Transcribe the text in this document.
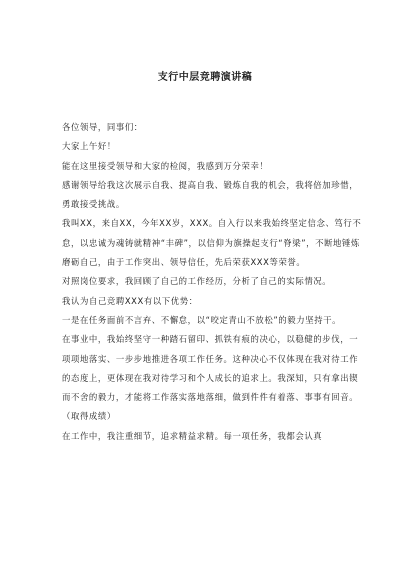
支行中层竞聘演讲稿

各位领导，同事们：

大家上午好！

能在这里接受领导和大家的检阅，我感到万分荣幸！

感谢领导给我这次展示自我、提高自我、锻炼自我的机会，我将倍加珍惜，勇敢接受挑战。

我叫XX，来自XX，今年XX岁，XXX。自入行以来我始终坚定信念、笃行不怠，以忠诚为魂铸就精神“丰碑”，以信仰为旗操起支行“脊梁”，不断地锤炼磨砺自己，由于工作突出、领导信任，先后荣获XXX等荣誉。

对照岗位要求，我回顾了自己的工作经历，分析了自己的实际情况。

我认为自己竞聘XXX有以下优势：

一是在任务面前不言弃、不懈怠，以“咬定青山不放松”的毅力坚持干。

在事业中，我始终坚守一种踏石留印、抓铁有痕的决心，以稳健的步伐，一项项地落实、一步步地推进各项工作任务。这种决心不仅体现在我对待工作的态度上，更体现在我对待学习和个人成长的追求上。我深知，只有拿出锲而不舍的毅力，才能将工作落实落地落细，做到件件有着落、事事有回音。（取得成绩）

在工作中，我注重细节，追求精益求精。每一项任务，我都会认真
